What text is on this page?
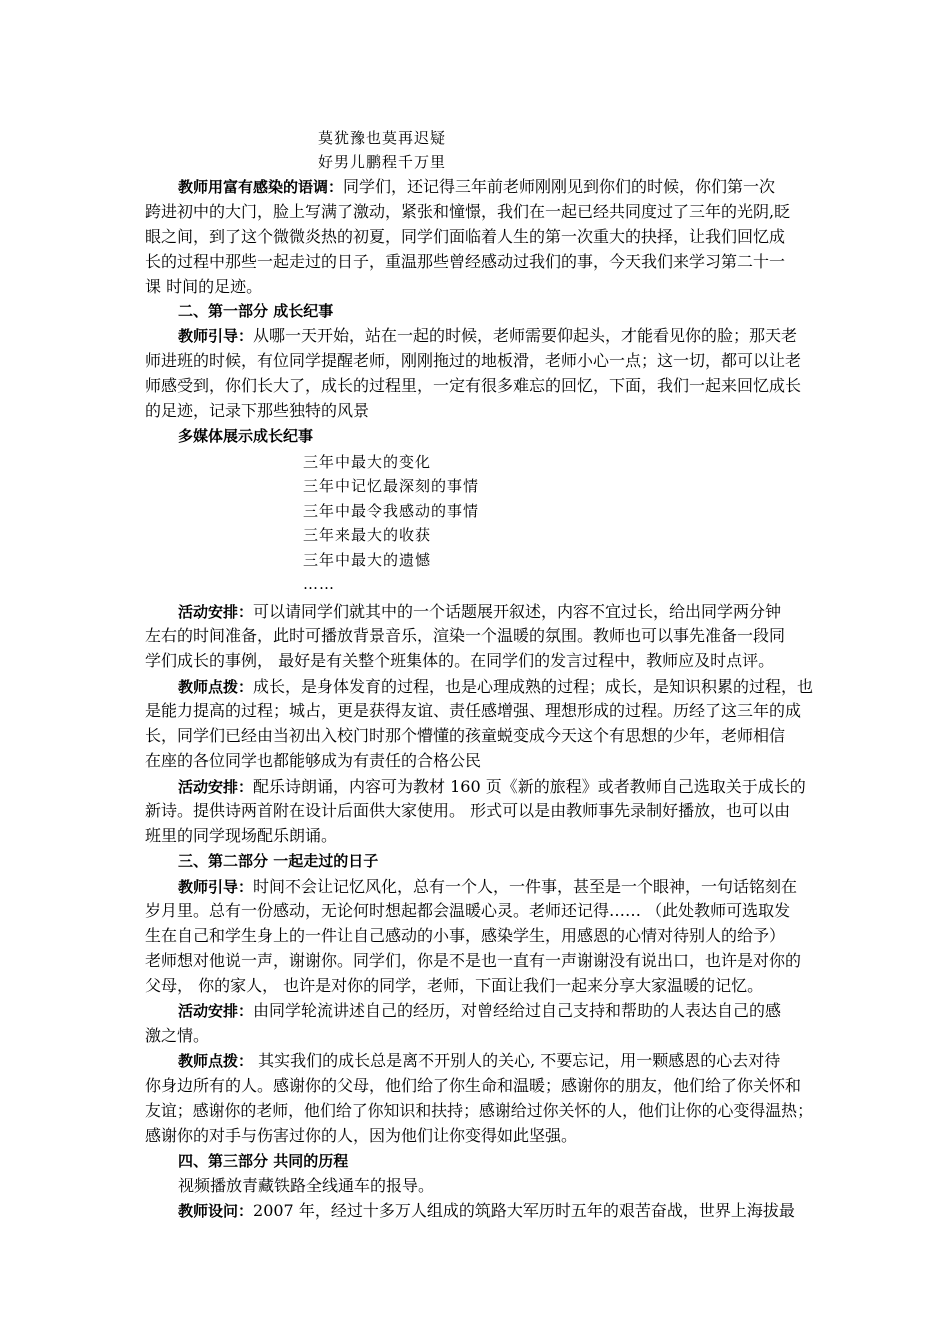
莫犹豫也莫再迟疑
好男儿鹏程千万里
教师用富有感染的语调：同学们，还记得三年前老师刚刚见到你们的时候，你们第一次
跨进初中的大门，脸上写满了激动，紧张和憧憬，我们在一起已经共同度过了三年的光阴,眨
眼之间，到了这个微微炎热的初夏，同学们面临着人生的第一次重大的抉择，让我们回忆成
长的过程中那些一起走过的日子，重温那些曾经感动过我们的事，今天我们来学习第二十一
课 时间的足迹。
二、第一部分 成长纪事
教师引导：从哪一天开始，站在一起的时候，老师需要仰起头，才能看见你的脸；那天老
师进班的时候，有位同学提醒老师，刚刚拖过的地板滑，老师小心一点；这一切，都可以让老
师感受到，你们长大了，成长的过程里，一定有很多难忘的回忆，下面，我们一起来回忆成长
的足迹，记录下那些独特的风景
多媒体展示成长纪事
三年中最大的变化
三年中记忆最深刻的事情
三年中最令我感动的事情
三年来最大的收获
三年中最大的遗憾
……
活动安排：可以请同学们就其中的一个话题展开叙述，内容不宜过长，给出同学两分钟
左右的时间准备，此时可播放背景音乐，渲染一个温暖的氛围。教师也可以事先准备一段同
学们成长的事例， 最好是有关整个班集体的。在同学们的发言过程中，教师应及时点评。
教师点拨：成长，是身体发育的过程，也是心理成熟的过程；成长，是知识积累的过程，也
是能力提高的过程；城占，更是获得友谊、责任感增强、理想形成的过程。历经了这三年的成
长，同学们已经由当初出入校门时那个懵懂的孩童蜕变成今天这个有思想的少年，老师相信
在座的各位同学也都能够成为有责任的合格公民
活动安排：配乐诗朗诵，内容可为教材 160 页《新的旅程》或者教师自己选取关于成长的
新诗。提供诗两首附在设计后面供大家使用。 形式可以是由教师事先录制好播放，也可以由
班里的同学现场配乐朗诵。
三、第二部分 一起走过的日子
教师引导：时间不会让记忆风化，总有一个人，一件事，甚至是一个眼神，一句话铭刻在
岁月里。总有一份感动，无论何时想起都会温暖心灵。老师还记得…… （此处教师可选取发
生在自己和学生身上的一件让自己感动的小事，感染学生，用感恩的心情对待别人的给予）
老师想对他说一声，谢谢你。同学们，你是不是也一直有一声谢谢没有说出口，也许是对你的
父母， 你的家人， 也许是对你的同学，老师，下面让我们一起来分享大家温暖的记忆。
活动安排：由同学轮流讲述自己的经历，对曾经给过自己支持和帮助的人表达自己的感
激之情。
教师点拨： 其实我们的成长总是离不开别人的关心, 不要忘记，用一颗感恩的心去对待
你身边所有的人。感谢你的父母，他们给了你生命和温暖；感谢你的朋友，他们给了你关怀和
友谊；感谢你的老师，他们给了你知识和扶持；感谢给过你关怀的人，他们让你的心变得温热；
感谢你的对手与伤害过你的人，因为他们让你变得如此坚强。
四、第三部分 共同的历程
视频播放青藏铁路全线通车的报导。
教师设问：2007 年，经过十多万人组成的筑路大军历时五年的艰苦奋战，世界上海拔最
